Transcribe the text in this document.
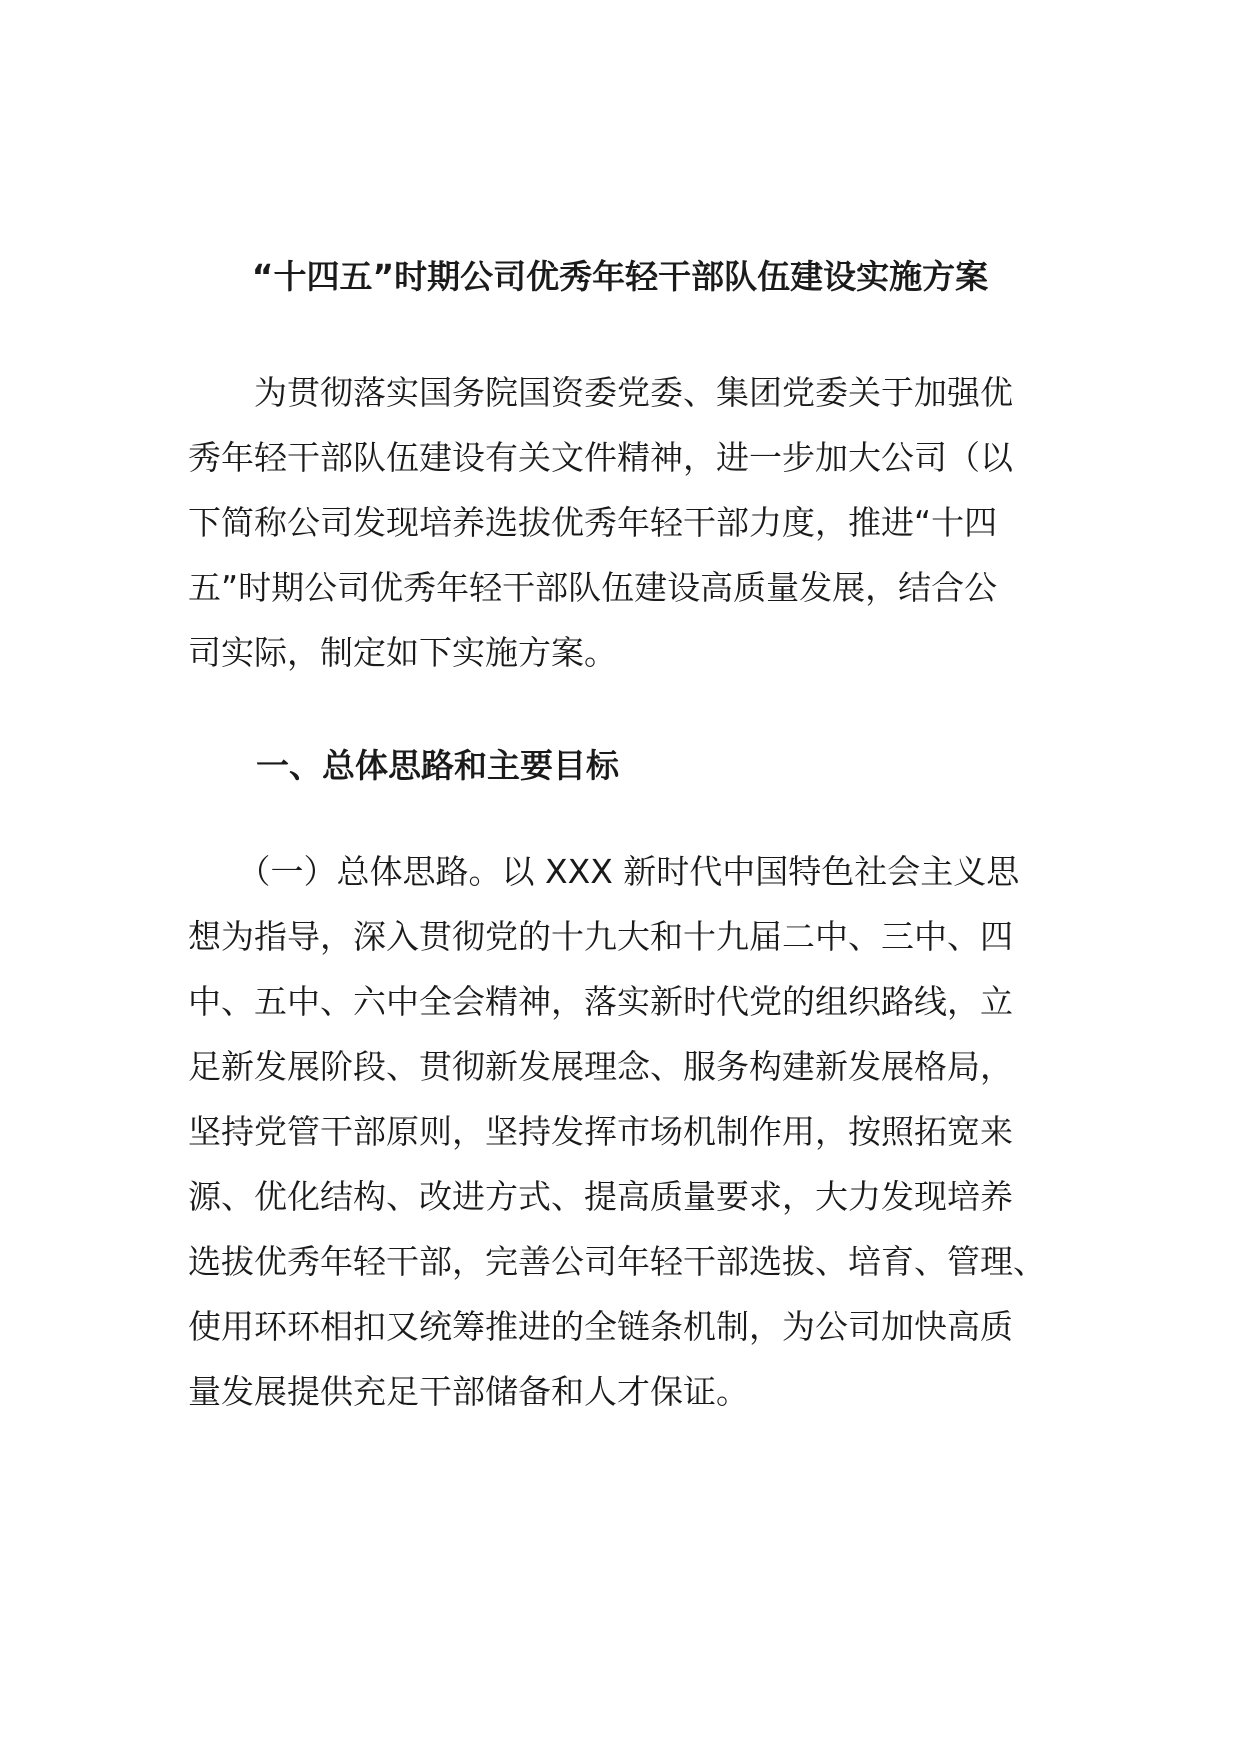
“十四五”时期公司优秀年轻干部队伍建设实施方案
　　为贯彻落实国务院国资委党委、集团党委关于加强优
秀年轻干部队伍建设有关文件精神，进一步加大公司（以
下简称公司发现培养选拔优秀年轻干部力度，推进“十四
五”时期公司优秀年轻干部队伍建设高质量发展，结合公
司实际，制定如下实施方案。
一、总体思路和主要目标
　　（一）总体思路。以 XXX 新时代中国特色社会主义思
想为指导，深入贯彻党的十九大和十九届二中、三中、四
中、五中、六中全会精神，落实新时代党的组织路线，立
足新发展阶段、贯彻新发展理念、服务构建新发展格局，
坚持党管干部原则，坚持发挥市场机制作用，按照拓宽来
源、优化结构、改进方式、提高质量要求，大力发现培养
选拔优秀年轻干部，完善公司年轻干部选拔、培育、管理、
使用环环相扣又统筹推进的全链条机制，为公司加快高质
量发展提供充足干部储备和人才保证。
